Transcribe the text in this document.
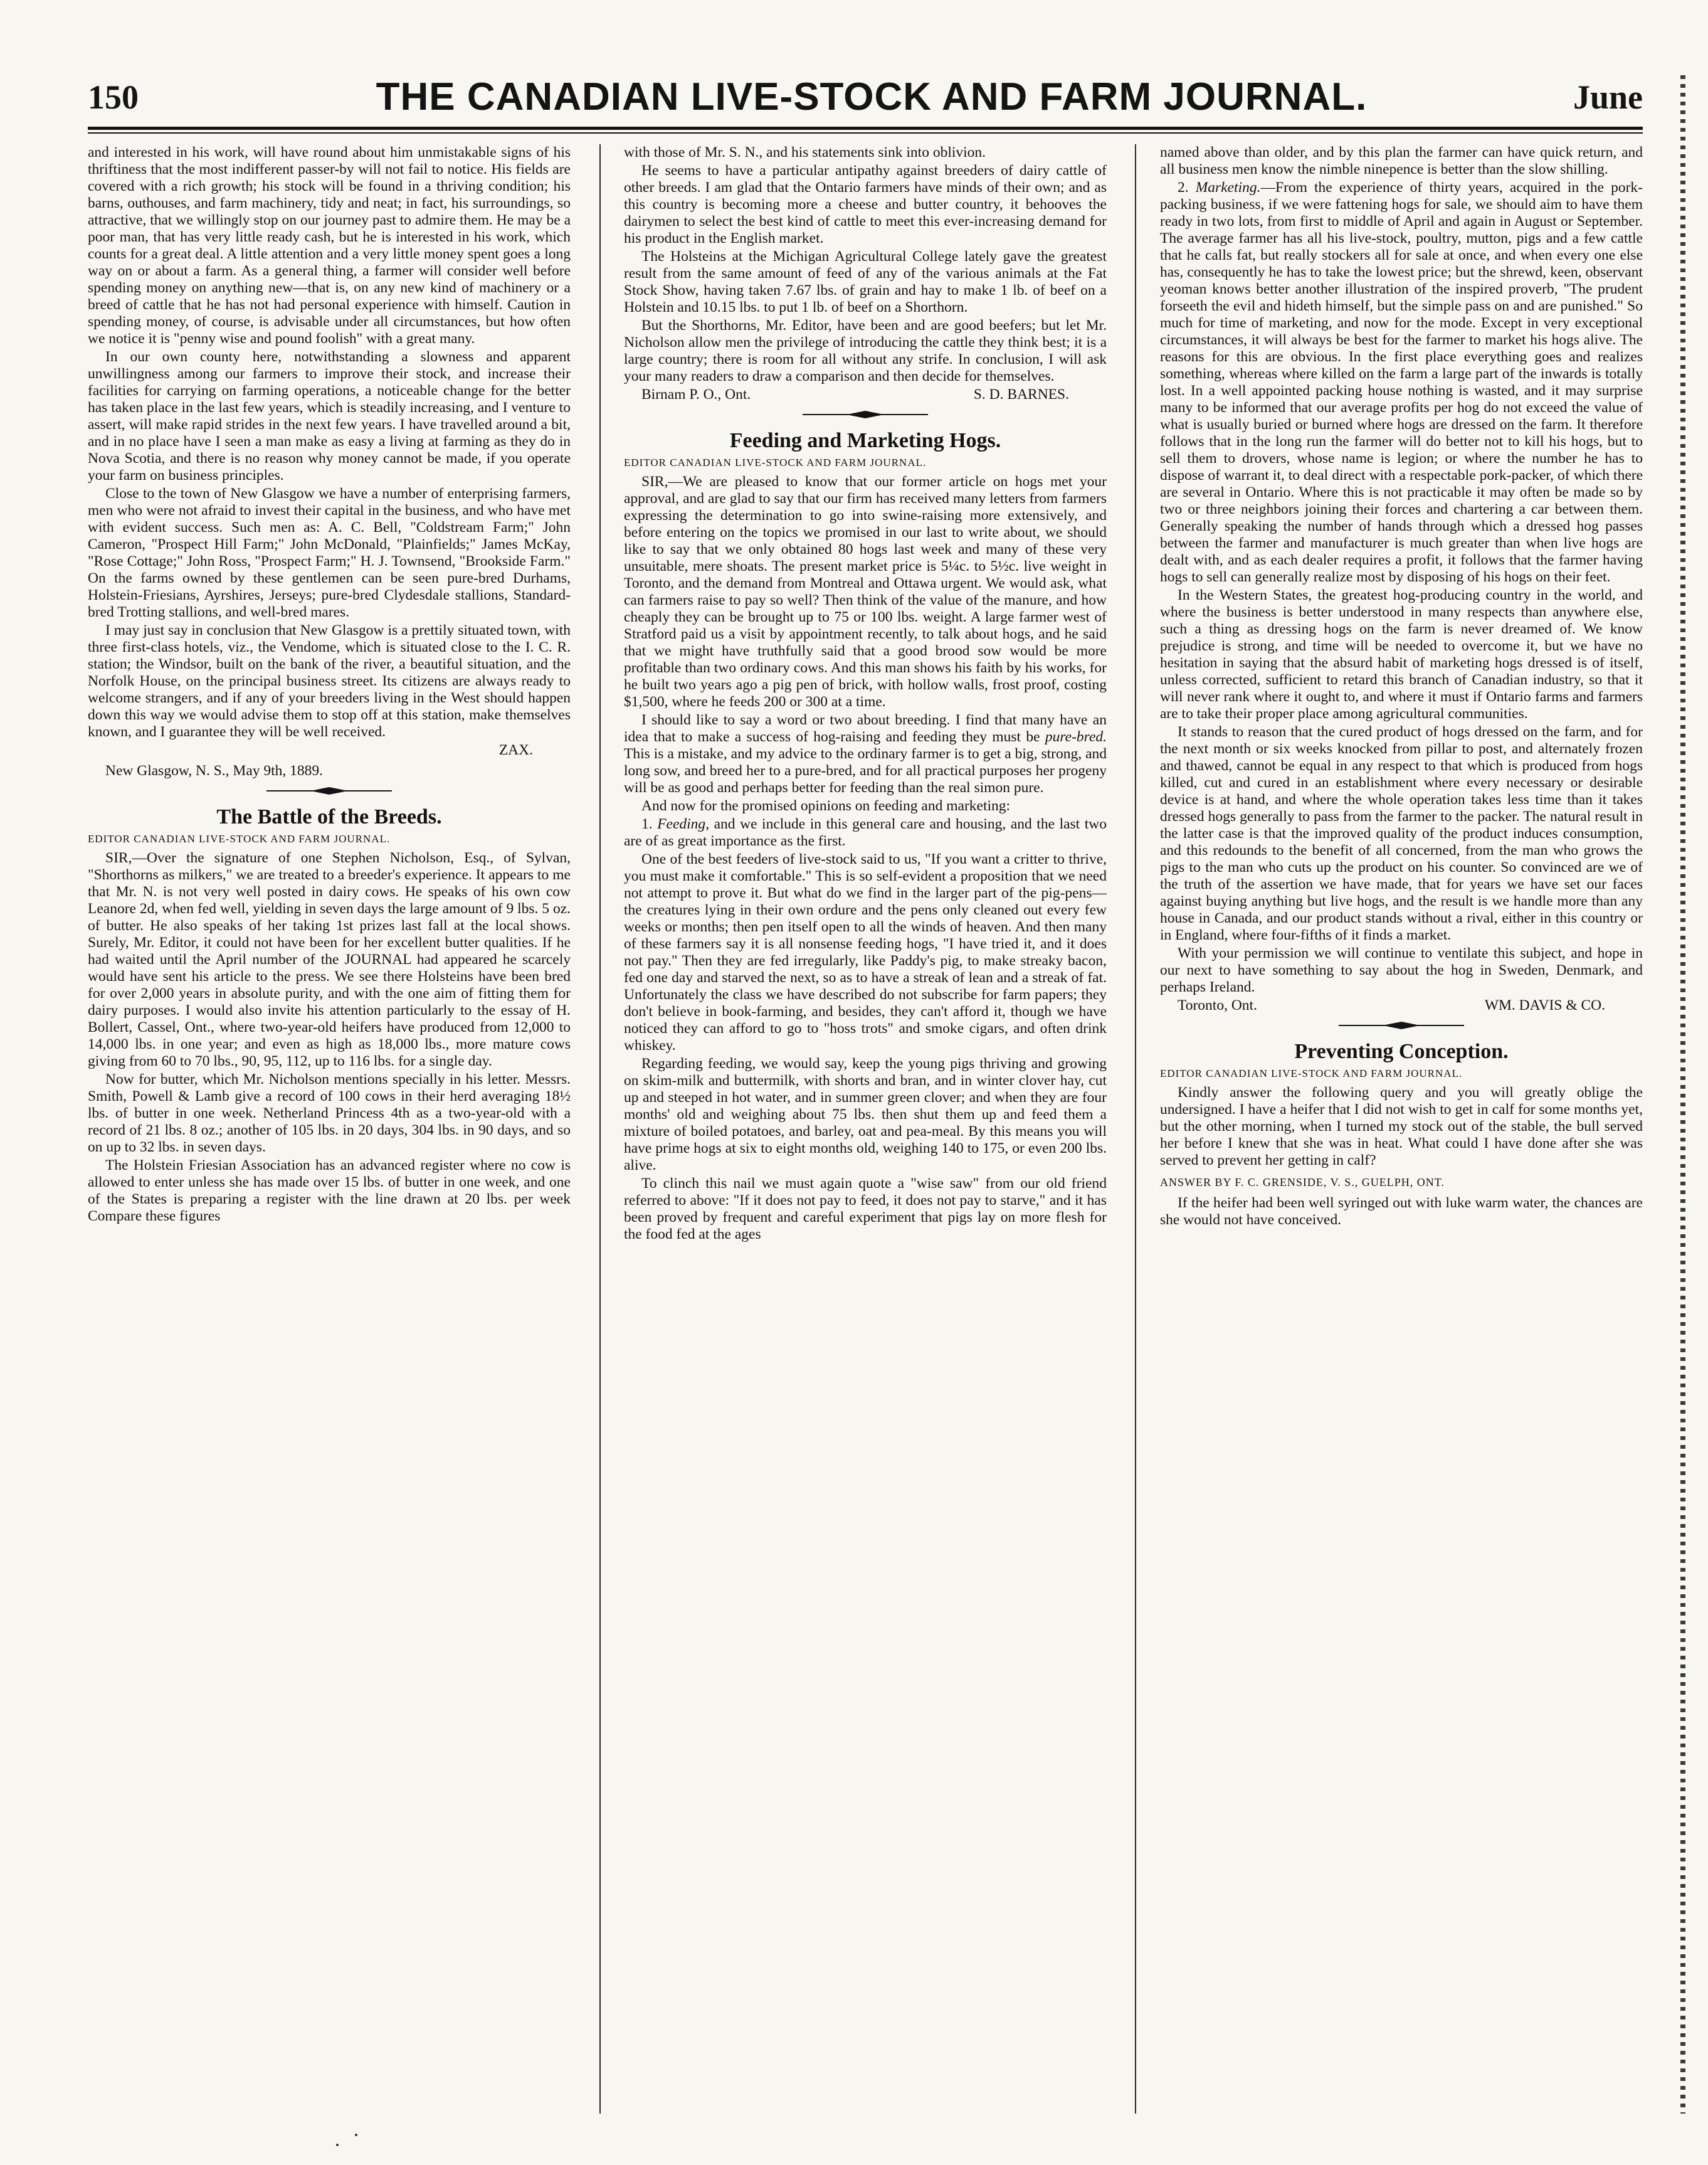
150	THE CANADIAN LIVE-STOCK AND FARM JOURNAL.	June

and interested in his work, will have round about him unmistakable signs of his thriftiness that the most indifferent passer-by will not fail to notice. His fields are covered with a rich growth; his stock will be found in a thriving condition; his barns, outhouses, and farm machinery, tidy and neat; in fact, his surroundings, so attractive, that we willingly stop on our journey past to admire them. He may be a poor man, that has very little ready cash, but he is interested in his work, which counts for a great deal. A little attention and a very little money spent goes a long way on or about a farm. As a general thing, a farmer will consider well before spending money on anything new—that is, on any new kind of machinery or a breed of cattle that he has not had personal experience with himself. Caution in spending money, of course, is advisable under all circumstances, but how often we notice it is "penny wise and pound foolish" with a great many.

In our own county here, notwithstanding a slowness and apparent unwillingness among our farmers to improve their stock, and increase their facilities for carrying on farming operations, a noticeable change for the better has taken place in the last few years, which is steadily increasing, and I venture to assert, will make rapid strides in the next few years. I have travelled around a bit, and in no place have I seen a man make as easy a living at farming as they do in Nova Scotia, and there is no reason why money cannot be made, if you operate your farm on business principles.

Close to the town of New Glasgow we have a number of enterprising farmers, men who were not afraid to invest their capital in the business, and who have met with evident success. Such men as: A. C. Bell, "Coldstream Farm;" John Cameron, "Prospect Hill Farm;" John McDonald, "Plainfields;" James McKay, "Rose Cottage;" John Ross, "Prospect Farm;" H. J. Townsend, "Brookside Farm." On the farms owned by these gentlemen can be seen pure-bred Durhams, Holstein-Friesians, Ayrshires, Jerseys; pure-bred Clydesdale stallions, Standard-bred Trotting stallions, and well-bred mares.

I may just say in conclusion that New Glasgow is a prettily situated town, with three first-class hotels, viz., the Vendome, which is situated close to the I. C. R. station; the Windsor, built on the bank of the river, a beautiful situation, and the Norfolk House, on the principal business street. Its citizens are always ready to welcome strangers, and if any of your breeders living in the West should happen down this way we would advise them to stop off at this station, make themselves known, and I guarantee they will be well received.

ZAX.

New Glasgow, N. S., May 9th, 1889.

The Battle of the Breeds.

EDITOR CANADIAN LIVE-STOCK AND FARM JOURNAL.

SIR,—Over the signature of one Stephen Nicholson, Esq., of Sylvan, "Shorthorns as milkers," we are treated to a breeder's experience. It appears to me that Mr. N. is not very well posted in dairy cows. He speaks of his own cow Leanore 2d, when fed well, yielding in seven days the large amount of 9 lbs. 5 oz. of butter. He also speaks of her taking 1st prizes last fall at the local shows. Surely, Mr. Editor, it could not have been for her excellent butter qualities. If he had waited until the April number of the JOURNAL had appeared he scarcely would have sent his article to the press. We see there Holsteins have been bred for over 2,000 years in absolute purity, and with the one aim of fitting them for dairy purposes. I would also invite his attention particularly to the essay of H. Bollert, Cassel, Ont., where two-year-old heifers have produced from 12,000 to 14,000 lbs. in one year; and even as high as 18,000 lbs., more mature cows giving from 60 to 70 lbs., 90, 95, 112, up to 116 lbs. for a single day.

Now for butter, which Mr. Nicholson mentions specially in his letter. Messrs. Smith, Powell & Lamb give a record of 100 cows in their herd averaging 18½ lbs. of butter in one week. Netherland Princess 4th as a two-year-old with a record of 21 lbs. 8 oz.; another of 105 lbs. in 20 days, 304 lbs. in 90 days, and so on up to 32 lbs. in seven days.

The Holstein Friesian Association has an advanced register where no cow is allowed to enter unless she has made over 15 lbs. of butter in one week, and one of the States is preparing a register with the line drawn at 20 lbs. per week Compare these figures

with those of Mr. S. N., and his statements sink into oblivion.

He seems to have a particular antipathy against breeders of dairy cattle of other breeds. I am glad that the Ontario farmers have minds of their own; and as this country is becoming more a cheese and butter country, it behooves the dairymen to select the best kind of cattle to meet this ever-increasing demand for his product in the English market.

The Holsteins at the Michigan Agricultural College lately gave the greatest result from the same amount of feed of any of the various animals at the Fat Stock Show, having taken 7.67 lbs. of grain and hay to make 1 lb. of beef on a Holstein and 10.15 lbs. to put 1 lb. of beef on a Shorthorn.

But the Shorthorns, Mr. Editor, have been and are good beefers; but let Mr. Nicholson allow men the privilege of introducing the cattle they think best; it is a large country; there is room for all without any strife. In conclusion, I will ask your many readers to draw a comparison and then decide for themselves.

Birnam P. O., Ont.	S. D. BARNES.
Feeding and Marketing Hogs.

EDITOR CANADIAN LIVE-STOCK AND FARM JOURNAL.

SIR,—We are pleased to know that our former article on hogs met your approval, and are glad to say that our firm has received many letters from farmers expressing the determination to go into swine-raising more extensively, and before entering on the topics we promised in our last to write about, we should like to say that we only obtained 80 hogs last week and many of these very unsuitable, mere shoats. The present market price is 5¼c. to 5½c. live weight in Toronto, and the demand from Montreal and Ottawa urgent. We would ask, what can farmers raise to pay so well? Then think of the value of the manure, and how cheaply they can be brought up to 75 or 100 lbs. weight. A large farmer west of Stratford paid us a visit by appointment recently, to talk about hogs, and he said that we might have truthfully said that a good brood sow would be more profitable than two ordinary cows. And this man shows his faith by his works, for he built two years ago a pig pen of brick, with hollow walls, frost proof, costing $1,500, where he feeds 200 or 300 at a time.

I should like to say a word or two about breeding. I find that many have an idea that to make a success of hog-raising and feeding they must be pure-bred. This is a mistake, and my advice to the ordinary farmer is to get a big, strong, and long sow, and breed her to a pure-bred, and for all practical purposes her progeny will be as good and perhaps better for feeding than the real simon pure.

And now for the promised opinions on feeding and marketing:

1. Feeding, and we include in this general care and housing, and the last two are of as great importance as the first.

One of the best feeders of live-stock said to us, "If you want a critter to thrive, you must make it comfortable." This is so self-evident a proposition that we need not attempt to prove it. But what do we find in the larger part of the pig-pens—the creatures lying in their own ordure and the pens only cleaned out every few weeks or months; then pen itself open to all the winds of heaven. And then many of these farmers say it is all nonsense feeding hogs, "I have tried it, and it does not pay." Then they are fed irregularly, like Paddy's pig, to make streaky bacon, fed one day and starved the next, so as to have a streak of lean and a streak of fat. Unfortunately the class we have described do not subscribe for farm papers; they don't believe in book-farming, and besides, they can't afford it, though we have noticed they can afford to go to "hoss trots" and smoke cigars, and often drink whiskey.

Regarding feeding, we would say, keep the young pigs thriving and growing on skim-milk and buttermilk, with shorts and bran, and in winter clover hay, cut up and steeped in hot water, and in summer green clover; and when they are four months' old and weighing about 75 lbs. then shut them up and feed them a mixture of boiled potatoes, and barley, oat and pea-meal. By this means you will have prime hogs at six to eight months old, weighing 140 to 175, or even 200 lbs. alive.

To clinch this nail we must again quote a "wise saw" from our old friend referred to above: "If it does not pay to feed, it does not pay to starve," and it has been proved by frequent and careful experiment that pigs lay on more flesh for the food fed at the ages

named above than older, and by this plan the farmer can have quick return, and all business men know the nimble ninepence is better than the slow shilling.

2. Marketing.—From the experience of thirty years, acquired in the pork-packing business, if we were fattening hogs for sale, we should aim to have them ready in two lots, from first to middle of April and again in August or September. The average farmer has all his live-stock, poultry, mutton, pigs and a few cattle that he calls fat, but really stockers all for sale at once, and when every one else has, consequently he has to take the lowest price; but the shrewd, keen, observant yeoman knows better another illustration of the inspired proverb, "The prudent forseeth the evil and hideth himself, but the simple pass on and are punished." So much for time of marketing, and now for the mode. Except in very exceptional circumstances, it will always be best for the farmer to market his hogs alive. The reasons for this are obvious. In the first place everything goes and realizes something, whereas where killed on the farm a large part of the inwards is totally lost. In a well appointed packing house nothing is wasted, and it may surprise many to be informed that our average profits per hog do not exceed the value of what is usually buried or burned where hogs are dressed on the farm. It therefore follows that in the long run the farmer will do better not to kill his hogs, but to sell them to drovers, whose name is legion; or where the number he has to dispose of warrant it, to deal direct with a respectable pork-packer, of which there are several in Ontario. Where this is not practicable it may often be made so by two or three neighbors joining their forces and chartering a car between them. Generally speaking the number of hands through which a dressed hog passes between the farmer and manufacturer is much greater than when live hogs are dealt with, and as each dealer requires a profit, it follows that the farmer having hogs to sell can generally realize most by disposing of his hogs on their feet.

In the Western States, the greatest hog-producing country in the world, and where the business is better understood in many respects than anywhere else, such a thing as dressing hogs on the farm is never dreamed of. We know prejudice is strong, and time will be needed to overcome it, but we have no hesitation in saying that the absurd habit of marketing hogs dressed is of itself, unless corrected, sufficient to retard this branch of Canadian industry, so that it will never rank where it ought to, and where it must if Ontario farms and farmers are to take their proper place among agricultural communities.

It stands to reason that the cured product of hogs dressed on the farm, and for the next month or six weeks knocked from pillar to post, and alternately frozen and thawed, cannot be equal in any respect to that which is produced from hogs killed, cut and cured in an establishment where every necessary or desirable device is at hand, and where the whole operation takes less time than it takes dressed hogs generally to pass from the farmer to the packer. The natural result in the latter case is that the improved quality of the product induces consumption, and this redounds to the benefit of all concerned, from the man who grows the pigs to the man who cuts up the product on his counter. So convinced are we of the truth of the assertion we have made, that for years we have set our faces against buying anything but live hogs, and the result is we handle more than any house in Canada, and our product stands without a rival, either in this country or in England, where four-fifths of it finds a market.

With your permission we will continue to ventilate this subject, and hope in our next to have something to say about the hog in Sweden, Denmark, and perhaps Ireland.

Toronto, Ont.	WM. DAVIS & CO.
Preventing Conception.

EDITOR CANADIAN LIVE-STOCK AND FARM JOURNAL.

Kindly answer the following query and you will greatly oblige the undersigned. I have a heifer that I did not wish to get in calf for some months yet, but the other morning, when I turned my stock out of the stable, the bull served her before I knew that she was in heat. What could I have done after she was served to prevent her getting in calf?

ANSWER BY F. C. GRENSIDE, V. S., GUELPH, ONT.

If the heifer had been well syringed out with luke warm water, the chances are she would not have conceived.
